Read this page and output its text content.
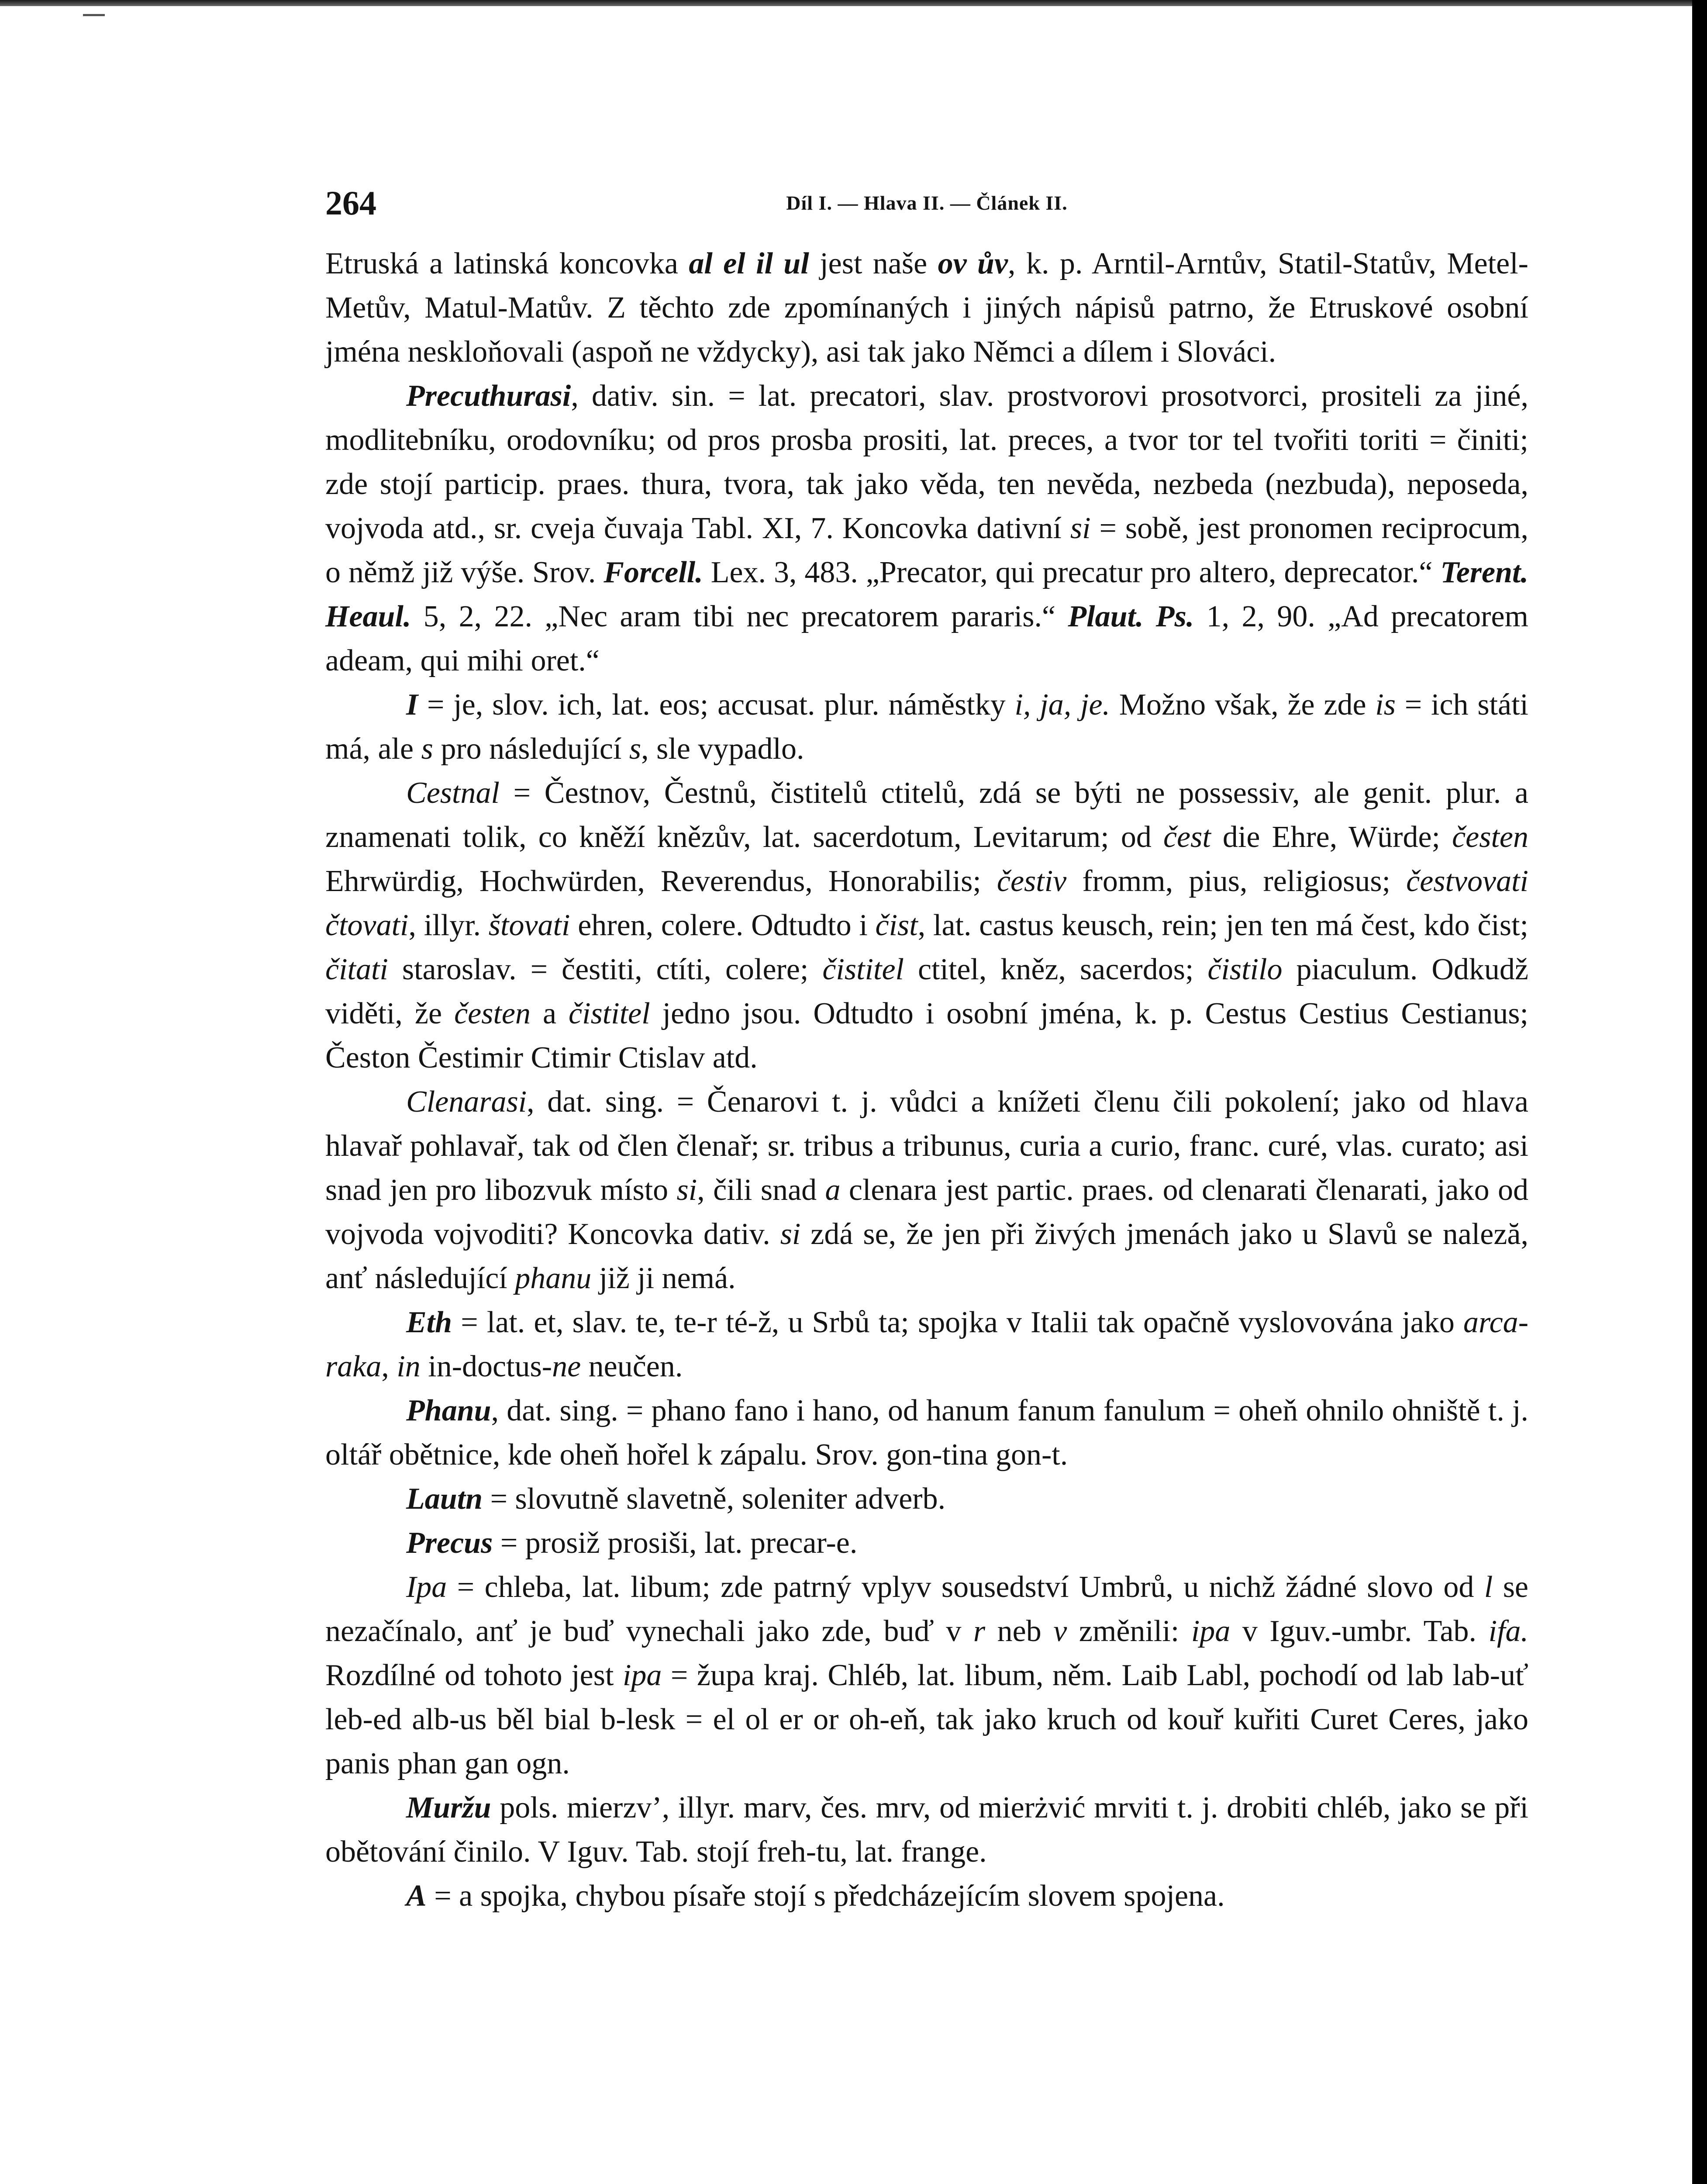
264	Díl I. — Hlava II. — Článek II.

Etruská a latinská koncovka al el il ul jest naše ov ův, k. p. Arntil-Arntův, Statil-Statův, Metel-Metův, Matul-Matův. Z těchto zde zpomínaných i jiných nápisů patrno, že Etruskové osobní jména neskloňovali (aspoň ne vždycky), asi tak jako Němci a dílem i Slováci.

Precuthurasi, dativ. sin. = lat. precatori, slav. prostvorovi prosotvorci, prositeli za jiné, modlitebníku, orodovníku; od pros prosba prositi, lat. preces, a tvor tor tel tvořiti toriti = činiti; zde stojí particip. praes. thura, tvora, tak jako věda, ten nevěda, nezbeda (nezbuda), neposeda, vojvoda atd., sr. cveja čuvaja Tabl. XI, 7. Koncovka dativní si = sobě, jest pronomen reciprocum, o němž již výše. Srov. Forcell. Lex. 3, 483. „Precator, qui precatur pro altero, deprecator.“ Terent. Heaul. 5, 2, 22. „Nec aram tibi nec precatorem pararis.“ Plaut. Ps. 1, 2, 90. „Ad precatorem adeam, qui mihi oret.“

I = je, slov. ich, lat. eos; accusat. plur. náměstky i, ja, je. Možno však, že zde is = ich státi má, ale s pro následující s, sle vypadlo.

Cestnal = Čestnov, Čestnů, čistitelů ctitelů, zdá se býti ne possessiv, ale genit. plur. a znamenati tolik, co kněží knězův, lat. sacerdotum, Levitarum; od čest die Ehre, Würde; česten Ehrwürdig, Hochwürden, Reverendus, Honorabilis; čestiv fromm, pius, religiosus; čestvovati čtovati, illyr. štovati ehren, colere. Odtudto i čist, lat. castus keusch, rein; jen ten má čest, kdo čist; čitati staroslav. = čestiti, ctíti, colere; čistitel ctitel, kněz, sacerdos; čistilo piaculum. Odkudž viděti, že česten a čistitel jedno jsou. Odtudto i osobní jména, k. p. Cestus Cestius Cestianus; Česton Čestimir Ctimir Ctislav atd.

Clenarasi, dat. sing. = Čenarovi t. j. vůdci a knížeti členu čili pokolení; jako od hlava hlavař pohlavař, tak od člen členař; sr. tribus a tribunus, curia a curio, franc. curé, vlas. curato; asi snad jen pro libozvuk místo si, čili snad a clenara jest partic. praes. od clenarati členarati, jako od vojvoda vojvoditi? Koncovka dativ. si zdá se, že jen při živých jmenách jako u Slavů se naleză, anť následující phanu již ji nemá.

Eth = lat. et, slav. te, te-r té-ž, u Srbů ta; spojka v Italii tak opačně vyslovována jako arca-raka, in in-doctus-ne neučen.

Phanu, dat. sing. = phano fano i hano, od hanum fanum fanulum = oheň ohnilo ohniště t. j. oltář obětnice, kde oheň hořel k zápalu. Srov. gon-tina gon-t.

Lautn = slovutně slavetně, soleniter adverb.

Precus = prosiž prosiši, lat. precar-e.

Ipa = chleba, lat. libum; zde patrný vplyv sousedství Umbrů, u nichž žádné slovo od l se nezačínalo, anť je buď vynechali jako zde, buď v r neb v změnili: ipa v Iguv.-umbr. Tab. ifa. Rozdílné od tohoto jest ipa = župa kraj. Chléb, lat. libum, něm. Laib Labl, pochodí od lab lab-uť leb-ed alb-us běl bial b-lesk = el ol er or oh-eň, tak jako kruch od kouř kuřiti Curet Ceres, jako panis phan gan ogn.

Muržu pols. mierzv’, illyr. marv, čes. mrv, od mierżvić mrviti t. j. drobiti chléb, jako se při obětování činilo. V Iguv. Tab. stojí freh-tu, lat. frange.

A = a spojka, chybou písaře stojí s předcházejícím slovem spojena.
